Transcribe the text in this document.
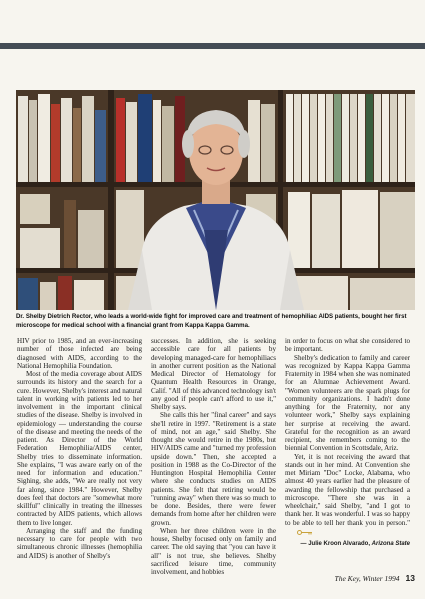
Dr. Shelby Dietrich Rector, who leads a world-wide fight for improved care and treatment of hemophiliac AIDS patients, bought her first microscope for medical school with a financial grant from Kappa Kappa Gamma.

HIV prior to 1985, and an ever-increasing number of those infected are being diagnosed with AIDS, according to the National Hemophilia Foundation.

Most of the media coverage about AIDS surrounds its history and the search for a cure. However, Shelby's interest and natural talent in working with patients led to her involvement in the important clinical studies of the disease. Shelby is involved in epidemiology — understanding the course of the disease and meeting the needs of the patient. As Director of the World Federation Hemophilia/AIDS center, Shelby tries to disseminate information. She explains, "I was aware early on of the need for information and education." Sighing, she adds, "We are really not very far along, since 1984." However, Shelby does feel that doctors are "somewhat more skillful" clinically in treating the illnesses contracted by AIDS patients, which allows them to live longer.

Arranging the staff and the funding necessary to care for people with two simultaneous chronic illnesses (hemophilia and AIDS) is another of Shelby's

successes. In addition, she is seeking accessible care for all patients by developing managed-care for hemophiliacs in another current position as the National Medical Director of Hematology for Quantum Health Resources in Orange, Calif. "All of this advanced technology isn't any good if people can't afford to use it," Shelby says.

She calls this her "final career" and says she'll retire in 1997. "Retirement is a state of mind, not an age," said Shelby. She thought she would retire in the 1980s, but HIV/AIDS came and "turned my profession upside down." Then, she accepted a position in 1988 as the Co-Director of the Huntington Hospital Hemophilia Center where she conducts studies on AIDS patients. She felt that retiring would be "running away" when there was so much to be done. Besides, there were fewer demands from home after her children were grown.

When her three children were in the house, Shelby focused only on family and career. The old saying that "you can have it all" is not true, she believes. Shelby sacrificed leisure time, community involvement, and hobbies

in order to focus on what she considered to be important.

Shelby's dedication to family and career was recognized by Kappa Kappa Gamma Fraternity in 1984 when she was nominated for an Alumnae Achievement Award. "Women volunteers are the spark plugs for community organizations. I hadn't done anything for the Fraternity, nor any volunteer work," Shelby says explaining her surprise at receiving the award. Grateful for the recognition as an award recipient, she remembers coming to the biennial Convention in Scottsdale, Ariz.

Yet, it is not receiving the award that stands out in her mind. At Convention she met Miriam "Doc" Locke, Alabama, who almost 40 years earlier had the pleasure of awarding the fellowship that purchased a microscope. "There she was in a wheelchair," said Shelby, "and I got to thank her. It was wonderful. I was so happy to be able to tell her thank you in person."

— Julie Kroon Alvarado, Arizona State

The Key, Winter 1994 13
